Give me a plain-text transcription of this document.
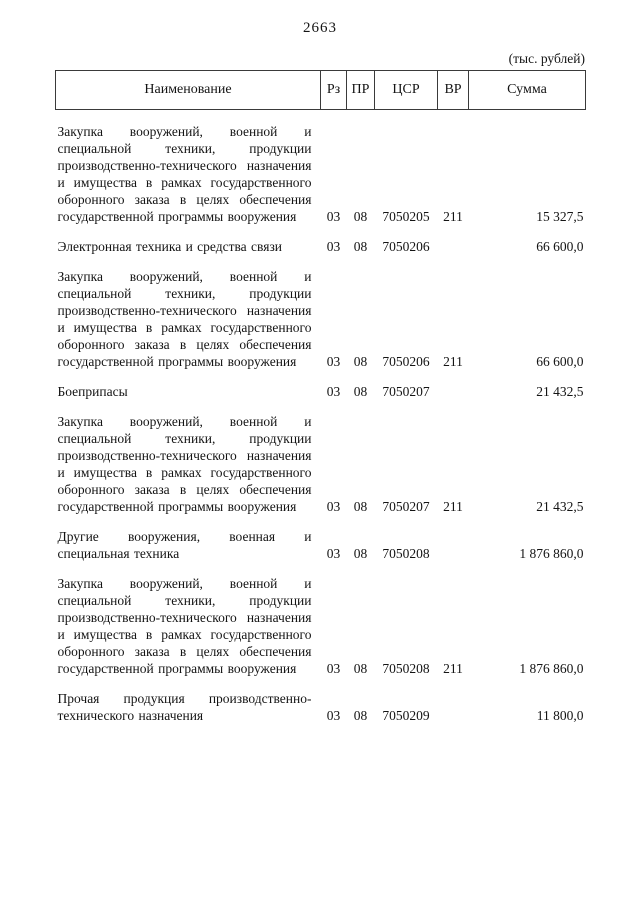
2663
(тыс. рублей)
Наименование	Рз	ПР	ЦСР	ВР	Сумма
Закупка вооружений, военной и специальной техники, продукции производственно-технического назначения и имущества в рамках государственного оборонного заказа в целях обеспечения государственной программы вооружения	03	08	7050205	211	15 327,5
Электронная техника и средства связи	03	08	7050206		66 600,0
Закупка вооружений, военной и специальной техники, продукции производственно-технического назначения и имущества в рамках государственного оборонного заказа в целях обеспечения государственной программы вооружения	03	08	7050206	211	66 600,0
Боеприпасы	03	08	7050207		21 432,5
Закупка вооружений, военной и специальной техники, продукции производственно-технического назначения и имущества в рамках государственного оборонного заказа в целях обеспечения государственной программы вооружения	03	08	7050207	211	21 432,5
Другие вооружения, военная и специальная техника	03	08	7050208		1 876 860,0
Закупка вооружений, военной и специальной техники, продукции производственно-технического назначения и имущества в рамках государственного оборонного заказа в целях обеспечения государственной программы вооружения	03	08	7050208	211	1 876 860,0
Прочая продукция производственно-технического назначения	03	08	7050209		11 800,0
